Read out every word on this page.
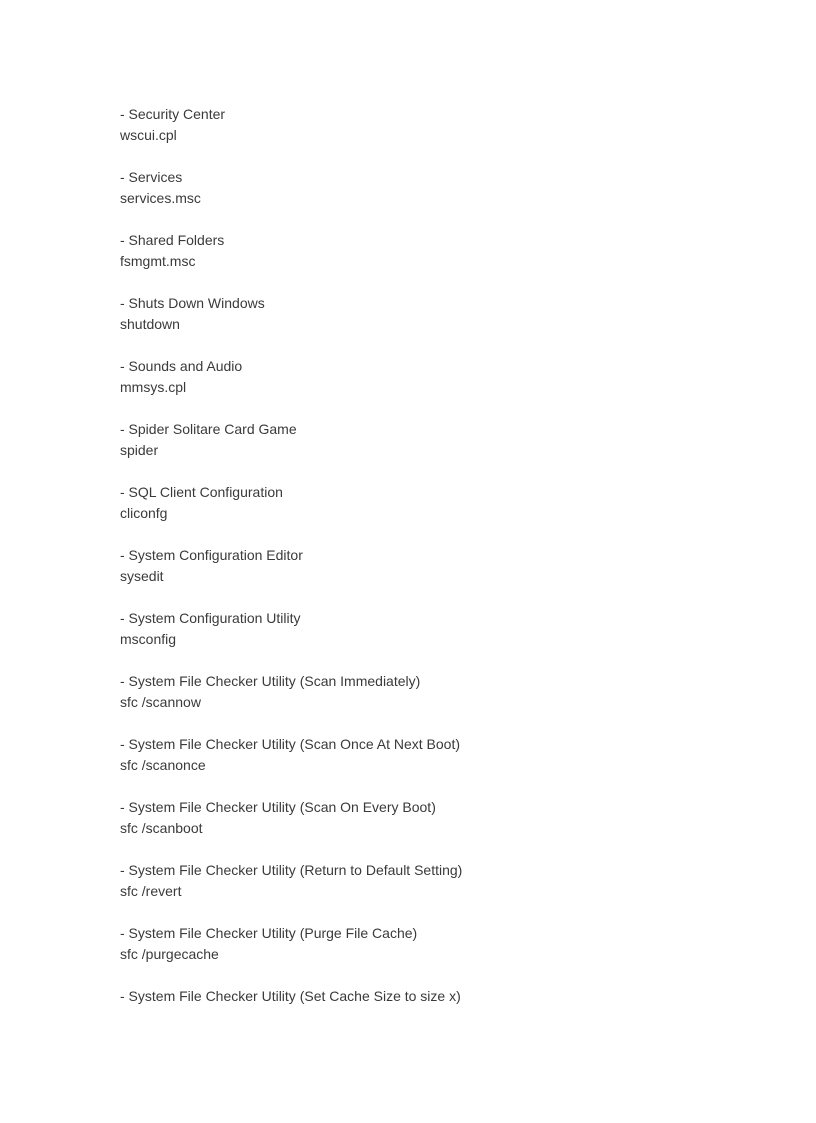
- Security Center
wscui.cpl
- Services
services.msc
- Shared Folders
fsmgmt.msc
- Shuts Down Windows
shutdown
- Sounds and Audio
mmsys.cpl
- Spider Solitare Card Game
spider
- SQL Client Configuration
cliconfg
- System Configuration Editor
sysedit
- System Configuration Utility
msconfig
- System File Checker Utility (Scan Immediately)
sfc /scannow
- System File Checker Utility (Scan Once At Next Boot)
sfc /scanonce
- System File Checker Utility (Scan On Every Boot)
sfc /scanboot
- System File Checker Utility (Return to Default Setting)
sfc /revert
- System File Checker Utility (Purge File Cache)
sfc /purgecache
- System File Checker Utility (Set Cache Size to size x)
